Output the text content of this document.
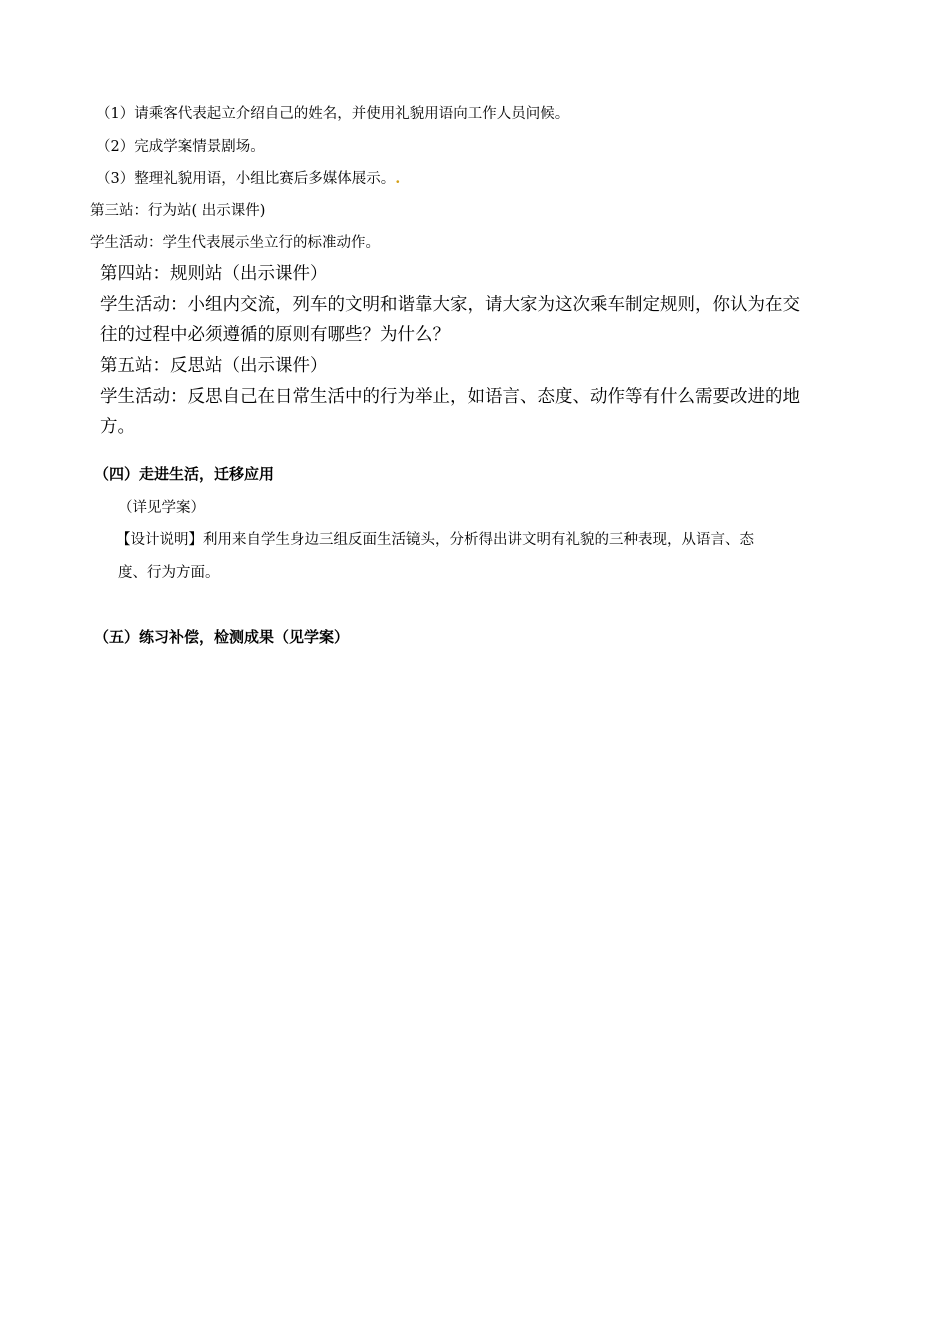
（1）请乘客代表起立介绍自己的姓名，并使用礼貌用语向工作人员问候。
（2）完成学案情景剧场。
（3）整理礼貌用语，小组比赛后多媒体展示。.
第三站：行为站( 出示课件)
学生活动：学生代表展示坐立行的标准动作。
第四站：规则站（出示课件）
学生活动：小组内交流，列车的文明和谐靠大家，请大家为这次乘车制定规则，你认为在交
往的过程中必须遵循的原则有哪些？为什么？
第五站：反思站（出示课件）
学生活动：反思自己在日常生活中的行为举止，如语言、态度、动作等有什么需要改进的地
方。
（四）走进生活，迁移应用
（详见学案）
【设计说明】利用来自学生身边三组反面生活镜头，分析得出讲文明有礼貌的三种表现，从语言、态
度、行为方面。
（五）练习补偿，检测成果（见学案）
